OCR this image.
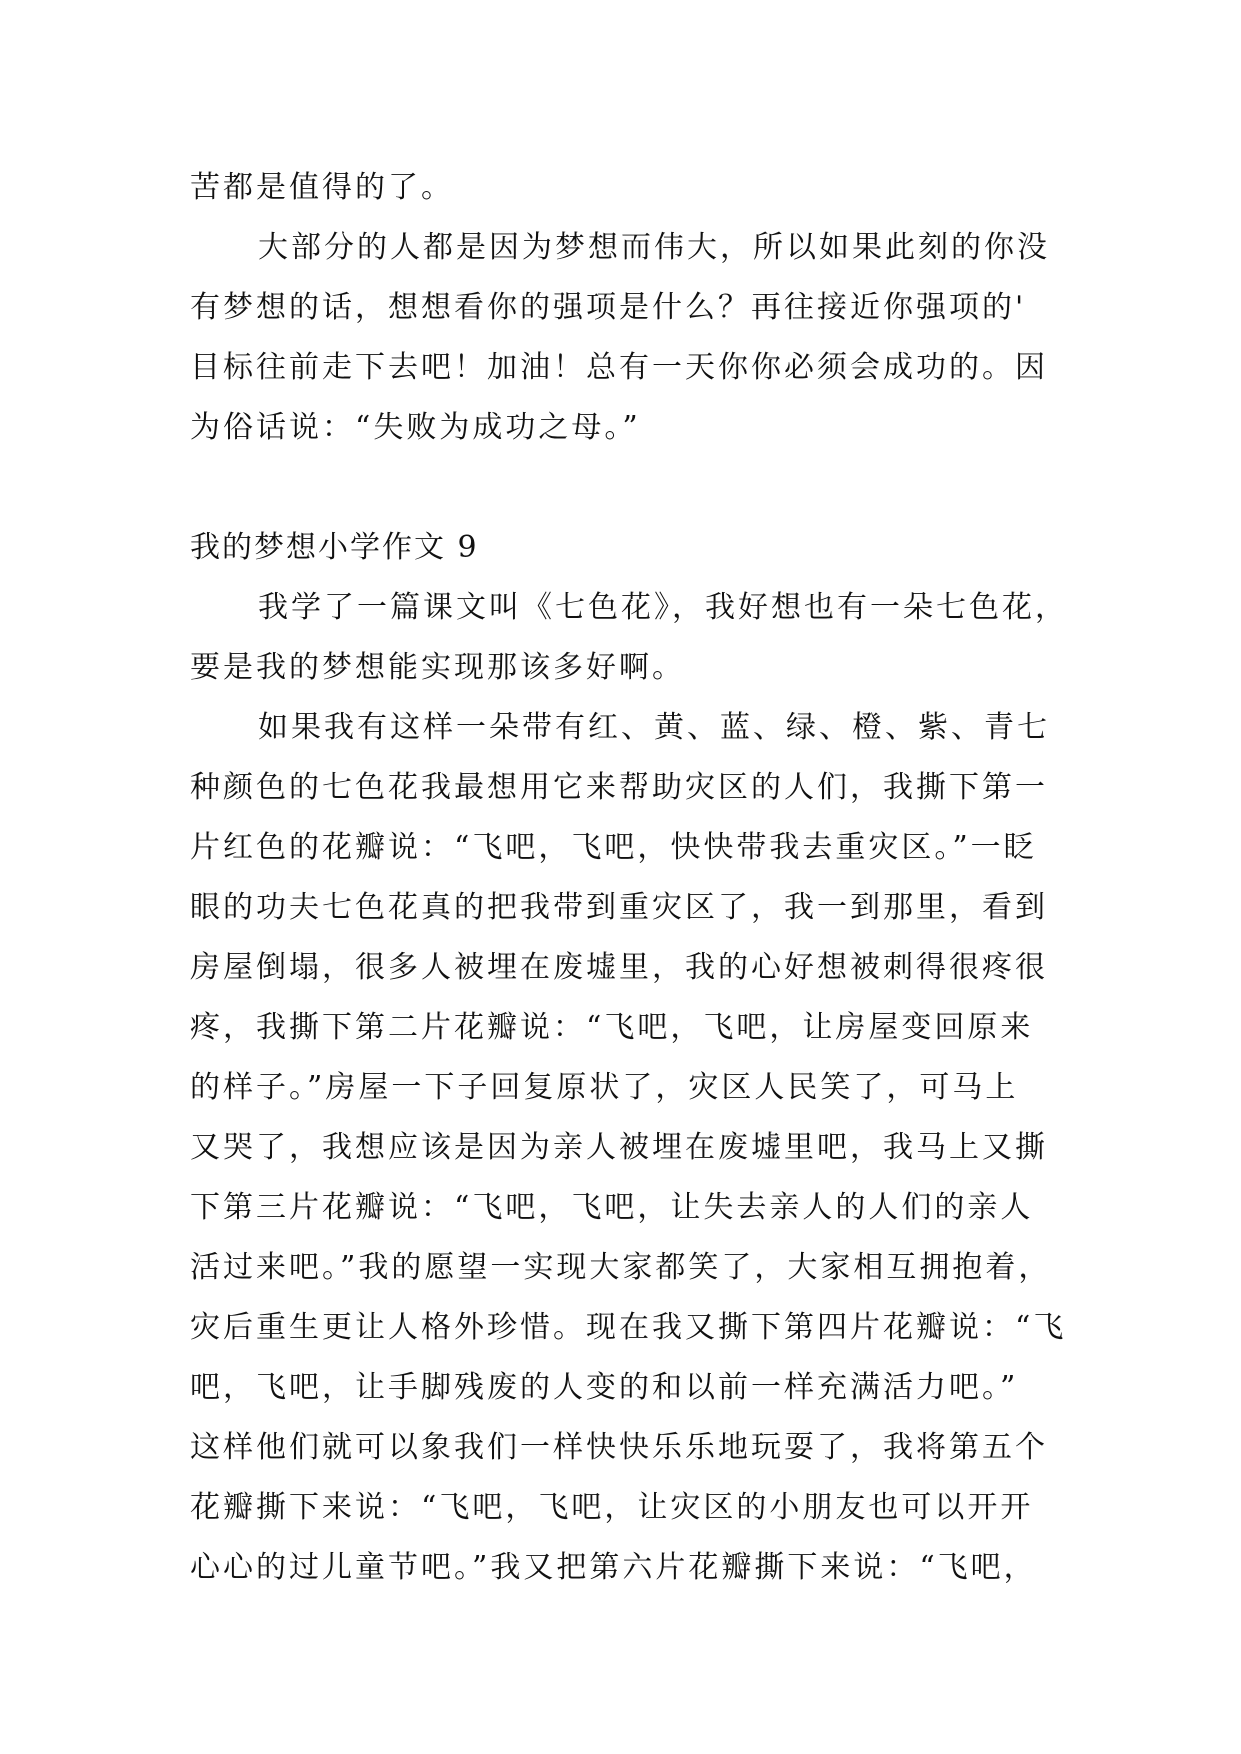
苦都是值得的了。
大部分的人都是因为梦想而伟大，所以如果此刻的你没
有梦想的话，想想看你的强项是什么？再往接近你强项的'
目标往前走下去吧！加油！总有一天你你必须会成功的。因
为俗话说：“失败为成功之母。”
我的梦想小学作文 9
我学了一篇课文叫《七色花》，我好想也有一朵七色花，
要是我的梦想能实现那该多好啊。
如果我有这样一朵带有红、黄、蓝、绿、橙、紫、青七
种颜色的七色花我最想用它来帮助灾区的人们，我撕下第一
片红色的花瓣说：“飞吧，飞吧，快快带我去重灾区。”一眨
眼的功夫七色花真的把我带到重灾区了，我一到那里，看到
房屋倒塌，很多人被埋在废墟里，我的心好想被刺得很疼很
疼，我撕下第二片花瓣说：“飞吧，飞吧，让房屋变回原来
的样子。”房屋一下子回复原状了，灾区人民笑了，可马上
又哭了，我想应该是因为亲人被埋在废墟里吧，我马上又撕
下第三片花瓣说：“飞吧，飞吧，让失去亲人的人们的亲人
活过来吧。”我的愿望一实现大家都笑了，大家相互拥抱着，
灾后重生更让人格外珍惜。现在我又撕下第四片花瓣说：“飞
吧，飞吧，让手脚残废的人变的和以前一样充满活力吧。”
这样他们就可以象我们一样快快乐乐地玩耍了，我将第五个
花瓣撕下来说：“飞吧，飞吧，让灾区的小朋友也可以开开
心心的过儿童节吧。”我又把第六片花瓣撕下来说：“飞吧，
